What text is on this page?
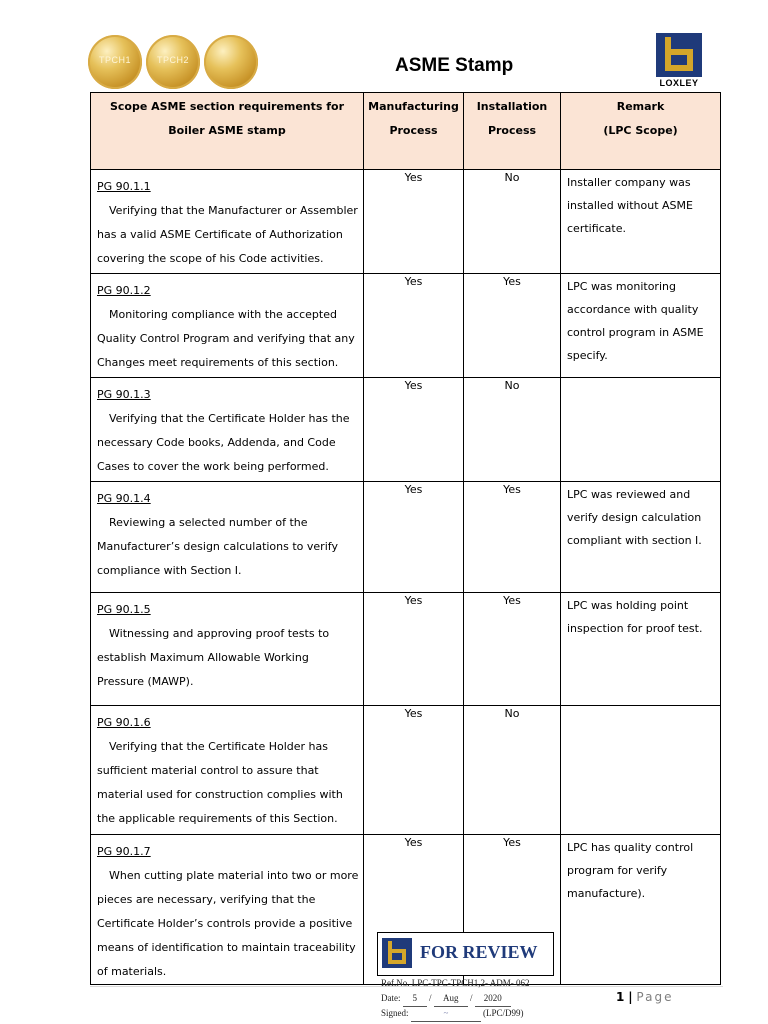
TPCH1	TPCH2	ASME Stamp
LOXLEY
Scope ASME section requirements for Boiler ASME stamp	Manufacturing Process	Installation Process	Remark
(LPC Scope)

PG 90.1.1
Verifying that the Manufacturer or Assembler has a valid ASME Certificate of Authorization covering the scope of his Code activities.	Yes	No	Installer company was installed without ASME certificate.

PG 90.1.2
Monitoring compliance with the accepted Quality Control Program and verifying that any Changes meet requirements of this section.	Yes	Yes	LPC was monitoring accordance with quality control program in ASME specify.

PG 90.1.3
Verifying that the Certificate Holder has the necessary Code books, Addenda, and Code Cases to cover the work being performed.	Yes	No	

PG 90.1.4
Reviewing a selected number of the Manufacturer’s design calculations to verify compliance with Section I.	Yes	Yes	LPC was reviewed and verify design calculation compliant with section I.

PG 90.1.5
Witnessing and approving proof tests to establish Maximum Allowable Working Pressure (MAWP).	Yes	Yes	LPC was holding point inspection for proof test.

PG 90.1.6
Verifying that the Certificate Holder has sufficient material control to assure that material used for construction complies with the applicable requirements of this Section.	Yes	No	

PG 90.1.7
When cutting plate material into two or more pieces are necessary, verifying that the Certificate Holder’s controls provide a positive means of identification to maintain traceability of materials.	Yes	Yes	LPC has quality control program for verify manufacture).
1 | Page
FOR REVIEW
Ref.No. LPC-TPC-TPCH1,2- ADM- 062
Date: 5 / Aug / 2020
Signed:	~	(LPC/D99)
